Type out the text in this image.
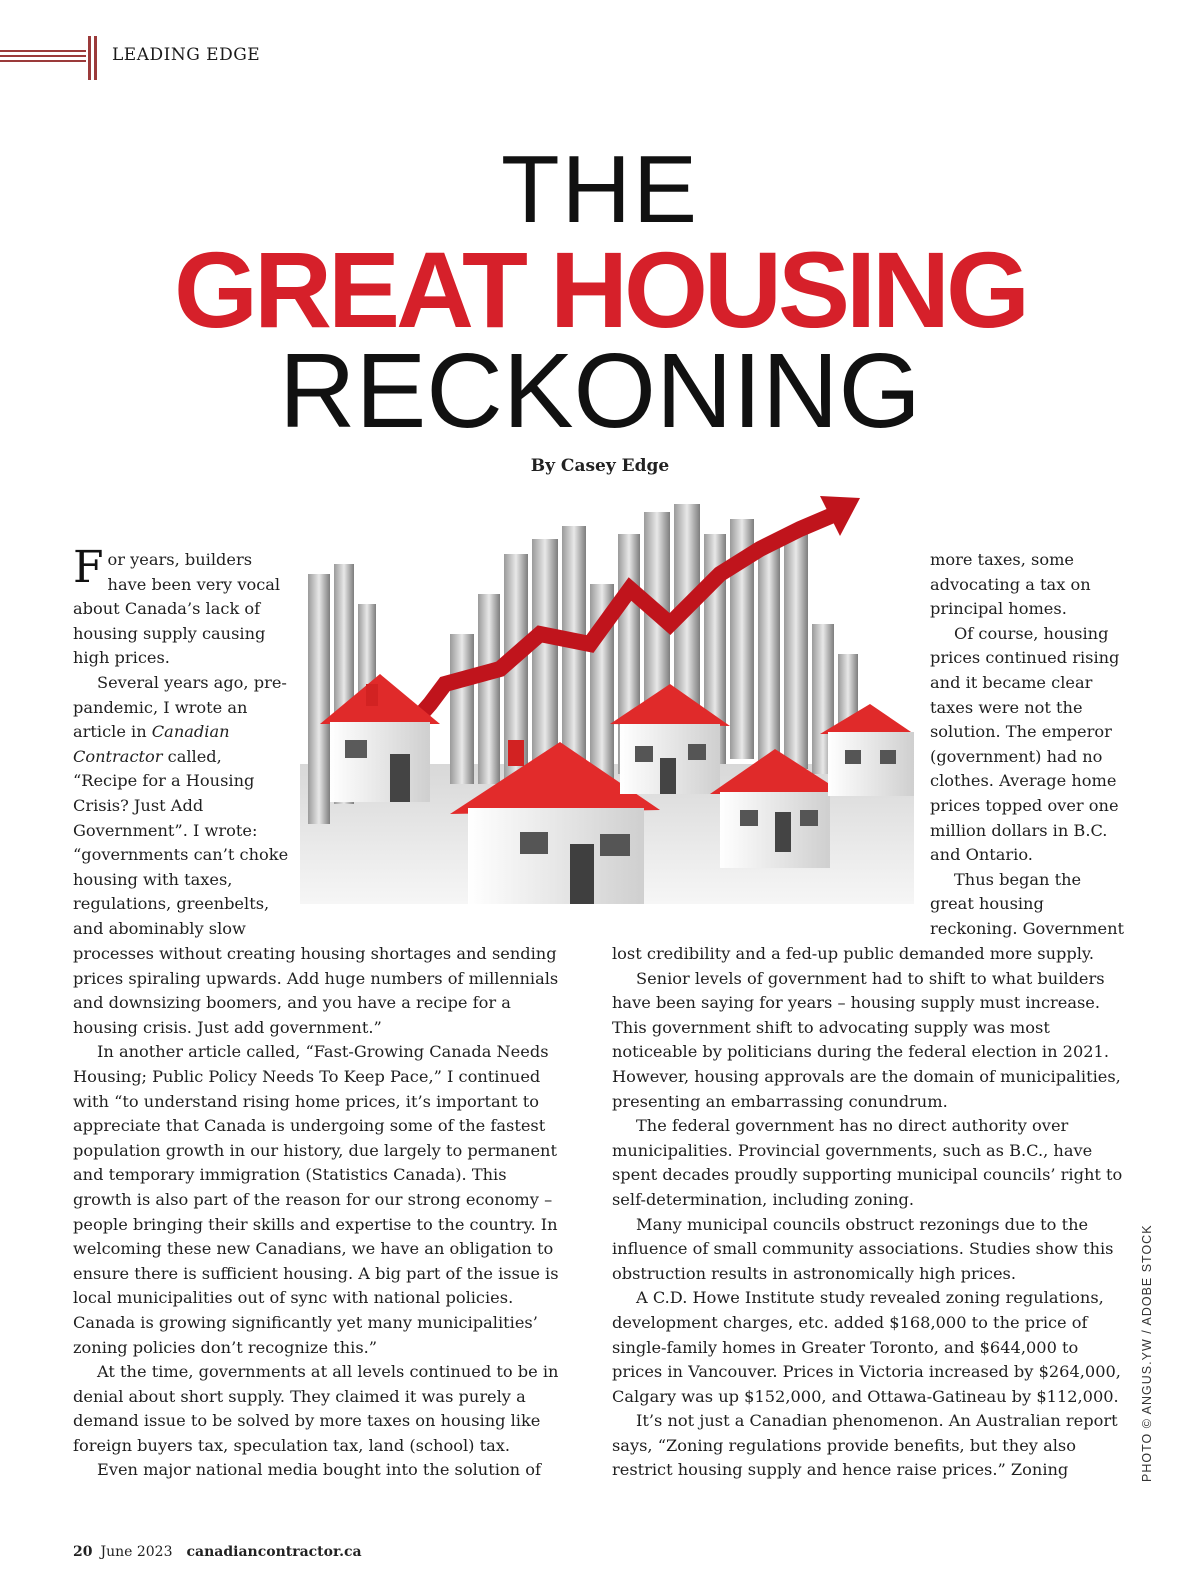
LEADING EDGE
THE
GREAT HOUSING
RECKONING
By Casey Edge

For years, builders have been very vocal about Canada’s lack of housing supply causing high prices.

Several years ago, pre-pandemic, I wrote an article in Canadian Contractor called, “Recipe for a Housing Crisis? Just Add Government”. I wrote: “governments can’t choke housing with taxes, regulations, greenbelts, and abominably slow

more taxes, some advocating a tax on principal homes.

Of course, housing prices continued rising and it became clear taxes were not the solution. The emperor (government) had no clothes. Average home prices topped over one million dollars in B.C. and Ontario.

Thus began the great housing reckoning. Government

processes without creating housing shortages and sending prices spiraling upwards. Add huge numbers of millennials and downsizing boomers, and you have a recipe for a housing crisis. Just add government.”

In another article called, “Fast-Growing Canada Needs Housing; Public Policy Needs To Keep Pace,” I continued with “to understand rising home prices, it’s important to appreciate that Canada is undergoing some of the fastest population growth in our history, due largely to permanent and temporary immigration (Statistics Canada). This growth is also part of the reason for our strong economy – people bringing their skills and expertise to the country. In welcoming these new Canadians, we have an obligation to ensure there is sufficient housing. A big part of the issue is local municipalities out of sync with national policies. Canada is growing significantly yet many municipalities’ zoning policies don’t recognize this.”

At the time, governments at all levels continued to be in denial about short supply. They claimed it was purely a demand issue to be solved by more taxes on housing like foreign buyers tax, speculation tax, land (school) tax.

Even major national media bought into the solution of

lost credibility and a fed-up public demanded more supply.

Senior levels of government had to shift to what builders have been saying for years – housing supply must increase. This government shift to advocating supply was most noticeable by politicians during the federal election in 2021. However, housing approvals are the domain of municipalities, presenting an embarrassing conundrum.

The federal government has no direct authority over municipalities. Provincial governments, such as B.C., have spent decades proudly supporting municipal councils’ right to self-determination, including zoning.

Many municipal councils obstruct rezonings due to the influence of small community associations. Studies show this obstruction results in astronomically high prices.

A C.D. Howe Institute study revealed zoning regulations, development charges, etc. added $168,000 to the price of single-family homes in Greater Toronto, and $644,000 to prices in Vancouver. Prices in Victoria increased by $264,000, Calgary was up $152,000, and Ottawa-Gatineau by $112,000.

It’s not just a Canadian phenomenon. An Australian report says, “Zoning regulations provide benefits, but they also restrict housing supply and hence raise prices.” Zoning	PHOTO © ANGUS.YW / ADOBE STOCK
20 June 2023 canadiancontractor.ca
